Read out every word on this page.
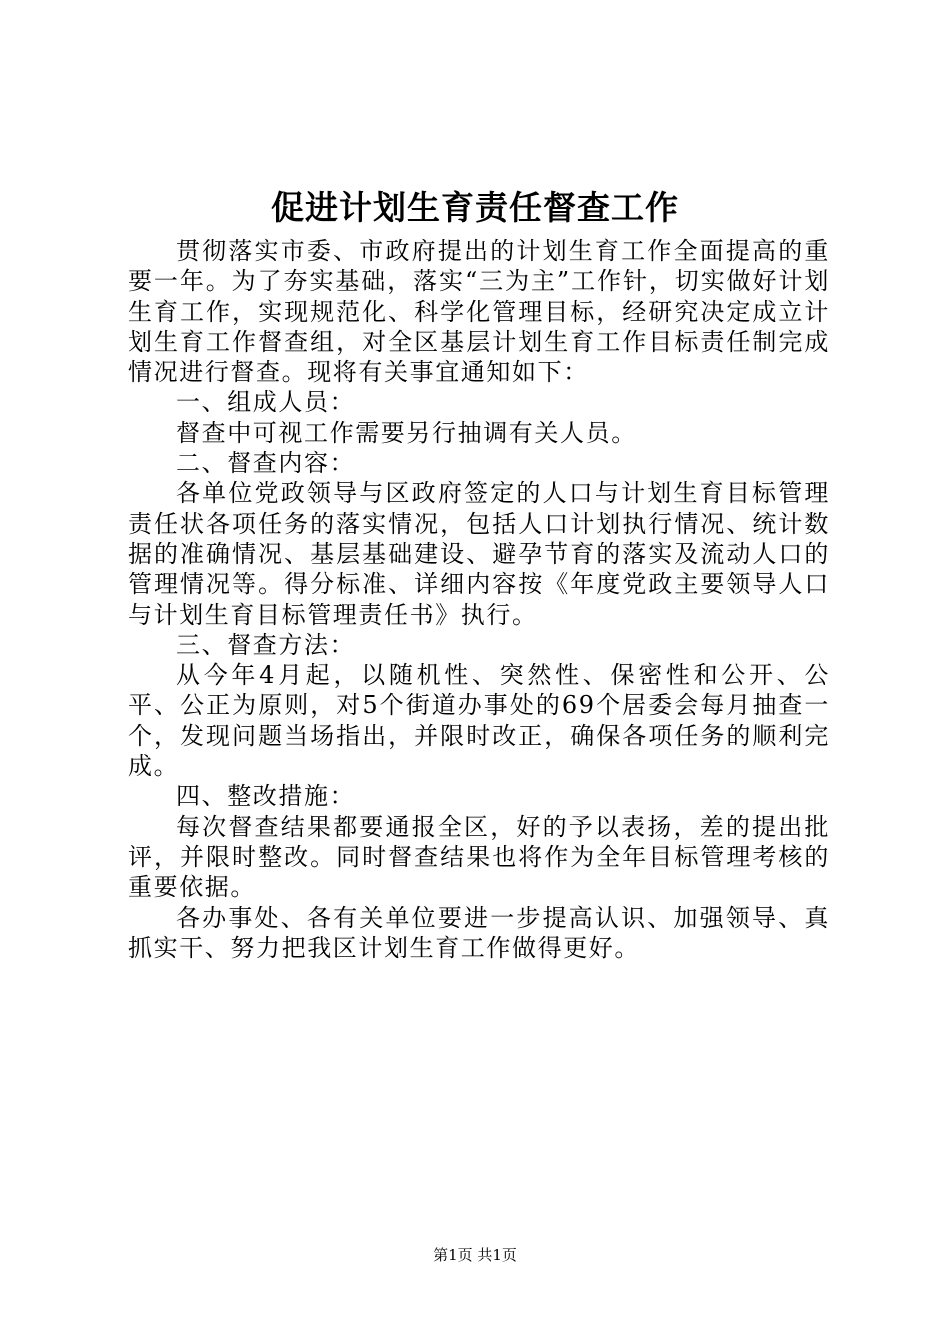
促进计划生育责任督查工作

贯彻落实市委、市政府提出的计划生育工作全面提高的重要一年。为了夯实基础，落实“三为主”工作针，切实做好计划生育工作，实现规范化、科学化管理目标，经研究决定成立计划生育工作督查组，对全区基层计划生育工作目标责任制完成情况进行督查。现将有关事宜通知如下：

一、组成人员：

督查中可视工作需要另行抽调有关人员。

二、督查内容：

各单位党政领导与区政府签定的人口与计划生育目标管理责任状各项任务的落实情况，包括人口计划执行情况、统计数据的准确情况、基层基础建设、避孕节育的落实及流动人口的管理情况等。得分标准、详细内容按《年度党政主要领导人口与计划生育目标管理责任书》执行。

三、督查方法：

从今年4月起，以随机性、突然性、保密性和公开、公平、公正为原则，对5个街道办事处的69个居委会每月抽查一个，发现问题当场指出，并限时改正，确保各项任务的顺利完成。

四、整改措施：

每次督查结果都要通报全区，好的予以表扬，差的提出批评，并限时整改。同时督查结果也将作为全年目标管理考核的重要依据。

各办事处、各有关单位要进一步提高认识、加强领导、真抓实干、努力把我区计划生育工作做得更好。

第1页 共1页
